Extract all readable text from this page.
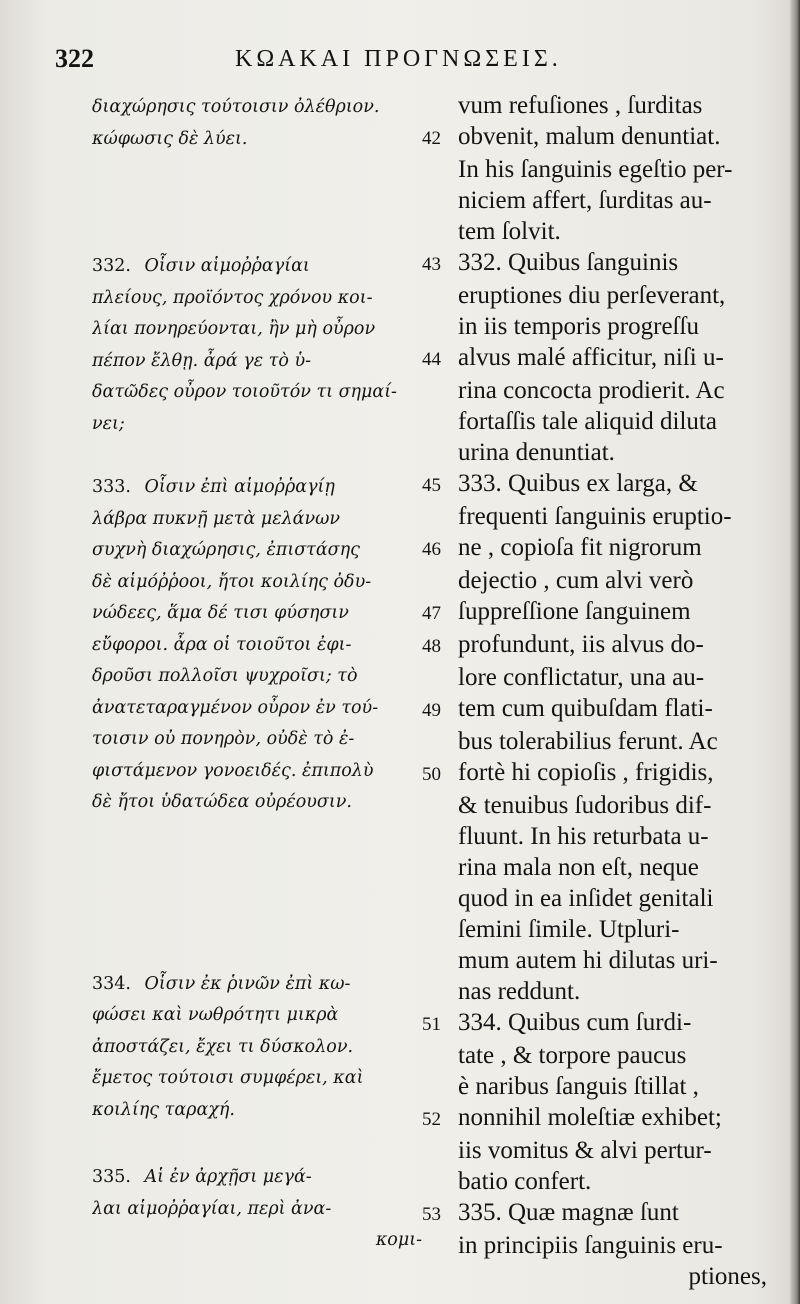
322	ΚΩΑΚΑΙ ΠΡΟΓΝΩΣΕΙΣ.
διαχώρησις τούτοισιν ὀλέθριον.
κώφωσις δὲ λύει.
332. Οἷσιν αἱμοῤῥαγίαι
πλείους, προϊόντος χρόνου κοι-
λίαι πονηρεύονται, ἢν μὴ οὖρον
πέπον ἔλθῃ. ἆρά γε τὸ ὑ-
δατῶδες οὖρον τοιοῦτόν τι σημαί-
νει;
333. Οἷσιν ἐπὶ αἱμοῤῥαγίῃ
λάβρα πυκνῇ μετὰ μελάνων
συχνὴ διαχώρησις, ἐπιστάσης
δὲ αἱμόῤῥοοι, ἤτοι κοιλίης ὀδυ-
νώδεες, ἅμα δέ τισι φύσησιν
εὔφοροι. ἆρα οἱ τοιοῦτοι ἐφι-
δροῦσι πολλοῖσι ψυχροῖσι; τὸ
ἀνατεταραγμένον οὖρον ἐν τού-
τοισιν οὐ πονηρὸν, οὐδὲ τὸ ἐ-
φιστάμενον γονοειδές. ἐπιπολὺ
δὲ ἤτοι ὑδατώδεα οὐρέουσιν.
334. Οἷσιν ἐκ ῥινῶν ἐπὶ κω-
φώσει καὶ νωθρότητι μικρὰ
ἀποστάζει, ἔχει τι δύσκολον.
ἔμετος τούτοισι συμφέρει, καὶ
κοιλίης ταραχή.
335. Αἱ ἐν ἀρχῇσι μεγά-
λαι αἱμοῤῥαγίαι, περὶ ἀνα-
κομι-
vum refuſiones , ſurditas
42 obvenit, malum denuntiat.
In his ſanguinis egeſtio per-
niciem affert, ſurditas au-
tem ſolvit.
43 332. Quibus ſanguinis
eruptiones diu perſeverant,
in iis temporis progreſſu
44 alvus malé afficitur, niſi u-
rina concocta prodierit. Ac
fortaſſis tale aliquid diluta
urina denuntiat.
45 333. Quibus ex larga, &
frequenti ſanguinis eruptio-
46 ne , copioſa fit nigrorum
dejectio , cum alvi verò
47 ſuppreſſione ſanguinem
48 profundunt, iis alvus do-
lore conflictatur, una au-
49 tem cum quibuſdam flati-
bus tolerabilius ferunt. Ac
50 fortè hi copioſis , frigidis,
& tenuibus ſudoribus dif-
fluunt. In his returbata u-
rina mala non eſt, neque
quod in ea inſidet genitali
ſemini ſimile. Utpluri-
mum autem hi dilutas uri-
nas reddunt.
51 334. Quibus cum ſurdi-
tate , & torpore paucus
è naribus ſanguis ſtillat ,
52 nonnihil moleſtiæ exhibet;
iis vomitus & alvi pertur-
batio confert.
53 335. Quæ magnæ ſunt
in principiis ſanguinis eru-
ptiones,
